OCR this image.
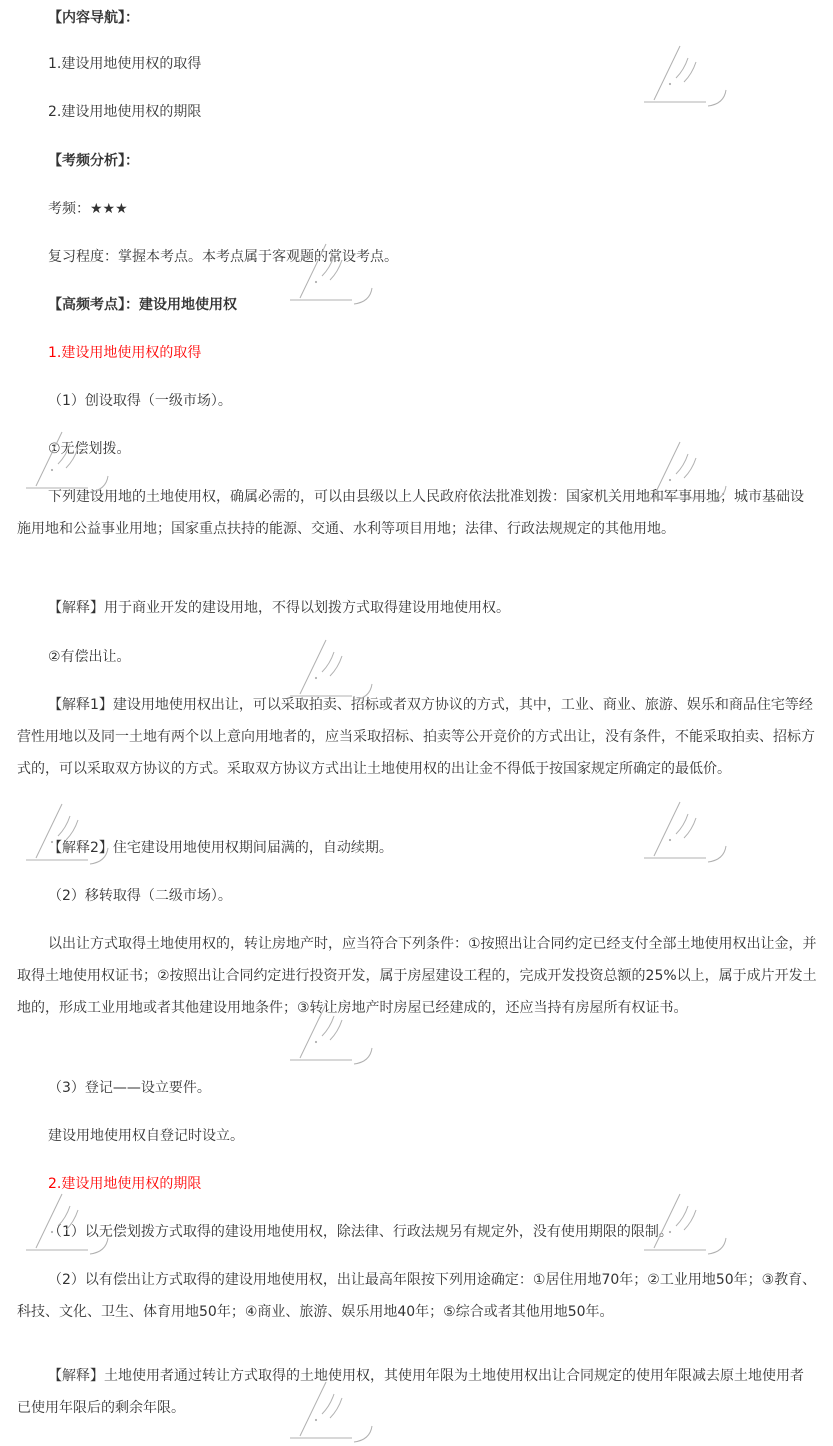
【内容导航】：
1.建设用地使用权的取得
2.建设用地使用权的期限
【考频分析】：
考频：★★★
复习程度：掌握本考点。本考点属于客观题的常设考点。
【高频考点】：建设用地使用权
1.建设用地使用权的取得
（1）创设取得（一级市场）。
①无偿划拨。
下列建设用地的土地使用权，确属必需的，可以由县级以上人民政府依法批准划拨：国家机关用地和军事用地；城市基础设施用地和公益事业用地；国家重点扶持的能源、交通、水利等项目用地；法律、行政法规规定的其他用地。
【解释】用于商业开发的建设用地，不得以划拨方式取得建设用地使用权。
②有偿出让。
【解释1】建设用地使用权出让，可以采取拍卖、招标或者双方协议的方式，其中，工业、商业、旅游、娱乐和商品住宅等经营性用地以及同一土地有两个以上意向用地者的，应当采取招标、拍卖等公开竞价的方式出让，没有条件，不能采取拍卖、招标方式的，可以采取双方协议的方式。采取双方协议方式出让土地使用权的出让金不得低于按国家规定所确定的最低价。
【解释2】住宅建设用地使用权期间届满的，自动续期。
（2）移转取得（二级市场）。
以出让方式取得土地使用权的，转让房地产时，应当符合下列条件：①按照出让合同约定已经支付全部土地使用权出让金，并取得土地使用权证书；②按照出让合同约定进行投资开发，属于房屋建设工程的，完成开发投资总额的25%以上，属于成片开发土地的，形成工业用地或者其他建设用地条件；③转让房地产时房屋已经建成的，还应当持有房屋所有权证书。
（3）登记——设立要件。
建设用地使用权自登记时设立。
2.建设用地使用权的期限
（1）以无偿划拨方式取得的建设用地使用权，除法律、行政法规另有规定外，没有使用期限的限制。
（2）以有偿出让方式取得的建设用地使用权，出让最高年限按下列用途确定：①居住用地70年；②工业用地50年；③教育、科技、文化、卫生、体育用地50年；④商业、旅游、娱乐用地40年；⑤综合或者其他用地50年。
【解释】土地使用者通过转让方式取得的土地使用权，其使用年限为土地使用权出让合同规定的使用年限减去原土地使用者已使用年限后的剩余年限。
